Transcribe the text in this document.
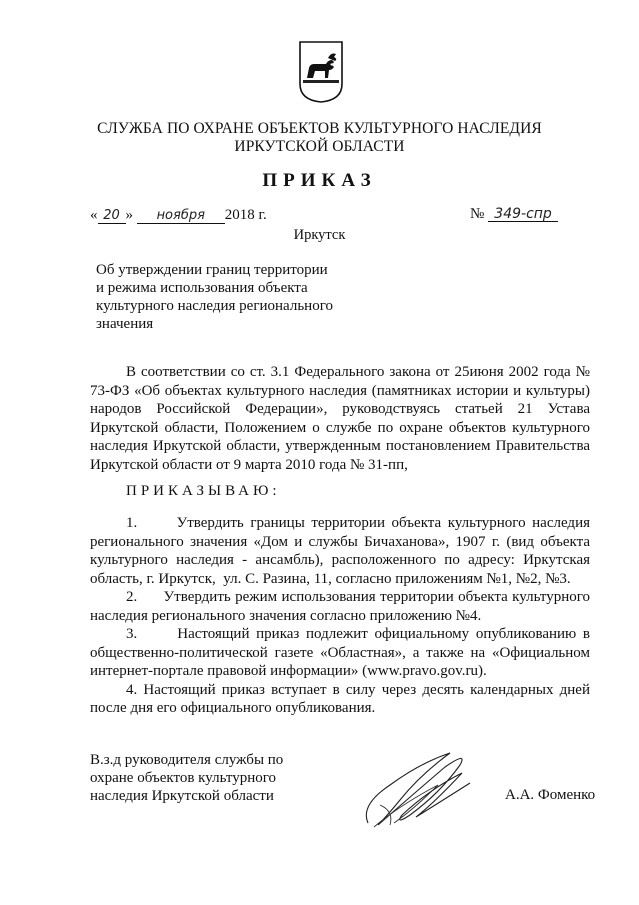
СЛУЖБА ПО ОХРАНЕ ОБЪЕКТОВ КУЛЬТУРНОГО НАСЛЕДИЯ
ИРКУТСКОЙ ОБЛАСТИ
ПРИКАЗ
« 20 » ноября 2018 г.	№ 349-спр
Иркутск
Об утверждении границ территории
и режима использования объекта
культурного наследия регионального
значения
В соответствии со ст. 3.1 Федерального закона от 25июня 2002 года № 73-ФЗ «Об объектах культурного наследия (памятниках истории и культуры) народов Российской Федерации», руководствуясь статьей 21 Устава Иркутской области, Положением о службе по охране объектов культурного наследия Иркутской области, утвержденным постановлением Правительства Иркутской области от 9 марта 2010 года № 31-пп,
ПРИКАЗЫВАЮ:

1.      Утвердить границы территории объекта культурного наследия регионального значения «Дом и службы Бичаханова», 1907 г. (вид объекта культурного наследия - ансамбль), расположенного по адресу: Иркутская область, г. Иркутск,  ул. С. Разина, 11, согласно приложениям №1, №2, №3.

2.      Утвердить режим использования территории объекта культурного наследия регионального значения согласно приложению №4.

3.      Настоящий приказ подлежит официальному опубликованию в общественно-политической газете «Областная», а также на «Официальном интернет-портале правовой информации» (www.pravo.gov.ru).

4. Настоящий приказ вступает в силу через десять календарных дней после дня его официального опубликования.

В.з.д руководителя службы по
охране объектов культурного
наследия Иркутской области	А.А. Фоменко
